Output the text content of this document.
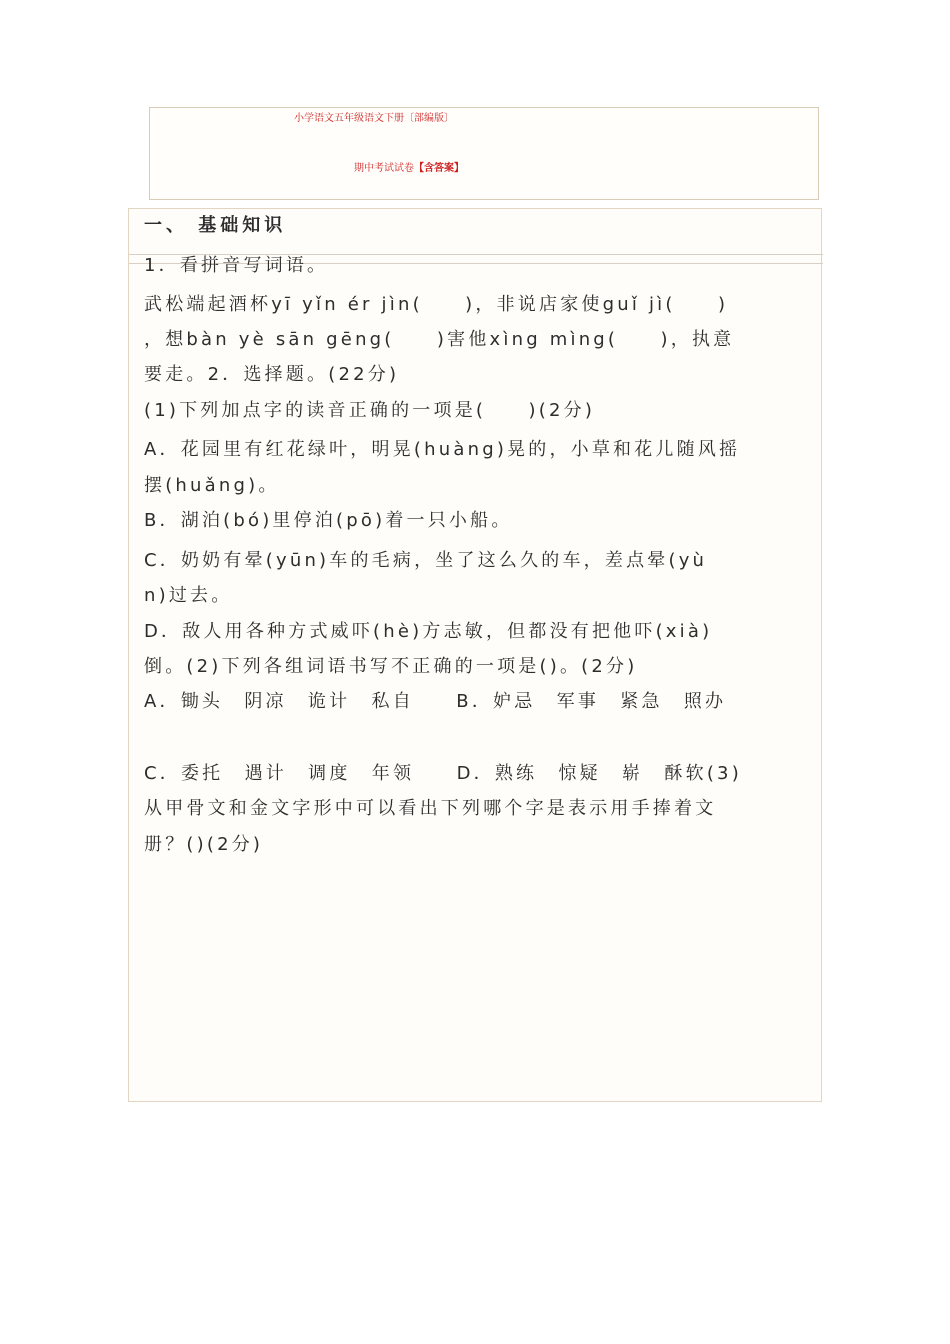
小学语文五年级语文下册〔部编版〕
期中考试试卷【含答案】
一、 基础知识
1．看拼音写词语。
武松端起酒杯yī yǐn ér jìn(　　)，非说店家使guǐ jì(　　)
，想bàn yè sān gēng(　　)害他xìng mìng(　　)，执意
要走。2．选择题。(22分)
(1)下列加点字的读音正确的一项是(　　)(2分)
A．花园里有红花绿叶，明晃(huàng)晃的，小草和花儿随风摇
摆(huǎng)。
B．湖泊(bó)里停泊(pō)着一只小船。
C．奶奶有晕(yūn)车的毛病，坐了这么久的车，差点晕(yù
n)过去。
D．敌人用各种方式威吓(hè)方志敏，但都没有把他吓(xià)
倒。(2)下列各组词语书写不正确的一项是()。(2分)
A．锄头　阴凉　诡计　私自　　B．妒忌　军事　紧急　照办
C．委托　遇计　调度　年领　　D．熟练　惊疑　崭　酥软(3)
从甲骨文和金文字形中可以看出下列哪个字是表示用手捧着文
册？()(2分)
